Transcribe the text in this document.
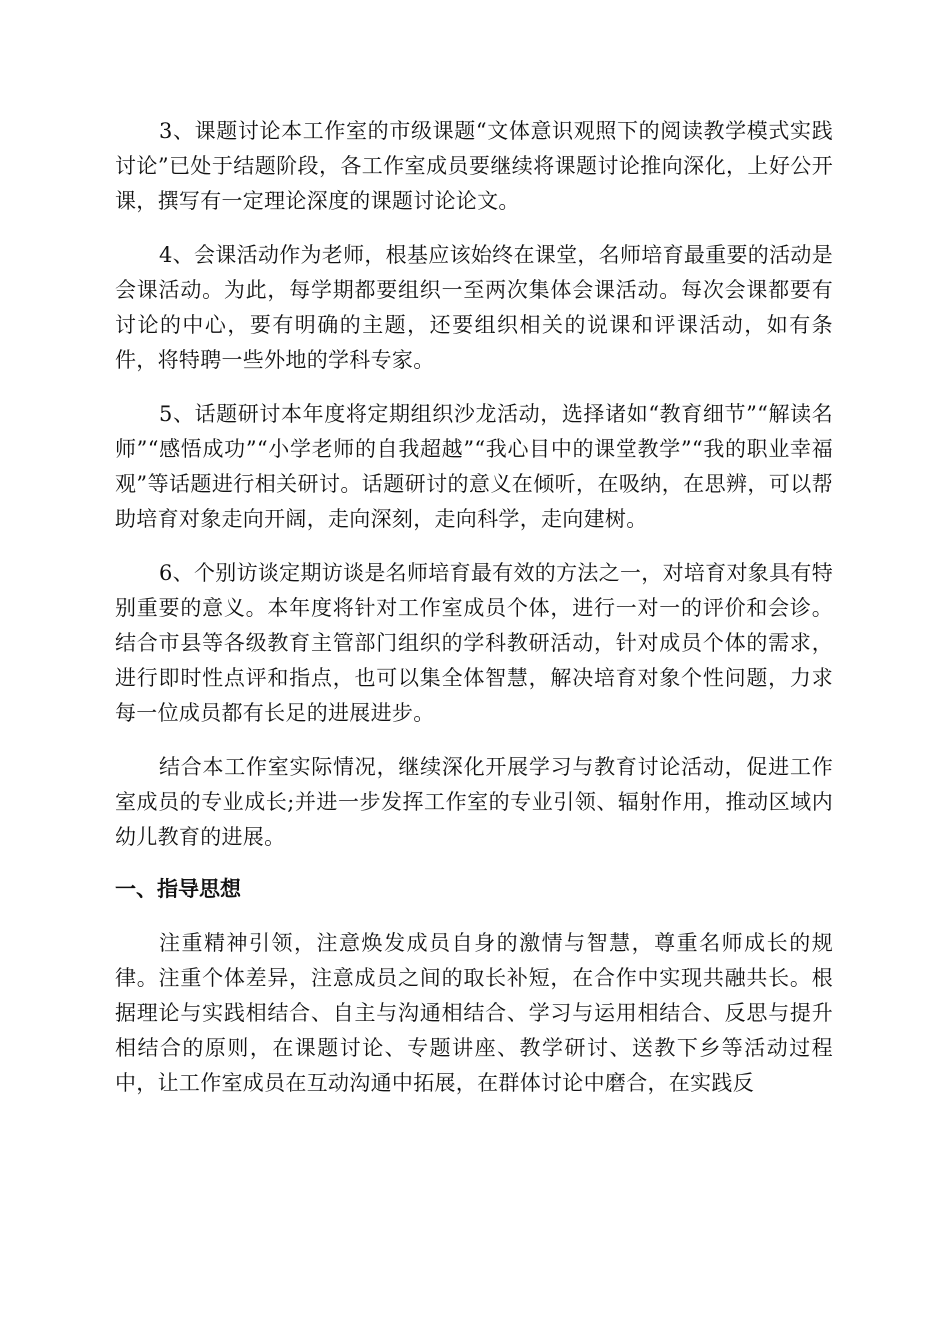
3、课题讨论本工作室的市级课题“文体意识观照下的阅读教学模式实践讨论”已处于结题阶段，各工作室成员要继续将课题讨论推向深化，上好公开课，撰写有一定理论深度的课题讨论论文。

4、会课活动作为老师，根基应该始终在课堂，名师培育最重要的活动是会课活动。为此，每学期都要组织一至两次集体会课活动。每次会课都要有讨论的中心，要有明确的主题，还要组织相关的说课和评课活动，如有条件，将特聘一些外地的学科专家。

5、话题研讨本年度将定期组织沙龙活动，选择诸如“教育细节”“解读名师”“感悟成功”“小学老师的自我超越”“我心目中的课堂教学”“我的职业幸福观”等话题进行相关研讨。话题研讨的意义在倾听，在吸纳，在思辨，可以帮助培育对象走向开阔，走向深刻，走向科学，走向建树。

6、个别访谈定期访谈是名师培育最有效的方法之一，对培育对象具有特别重要的意义。本年度将针对工作室成员个体，进行一对一的评价和会诊。结合市县等各级教育主管部门组织的学科教研活动，针对成员个体的需求，进行即时性点评和指点，也可以集全体智慧，解决培育对象个性问题，力求每一位成员都有长足的进展进步。

结合本工作室实际情况，继续深化开展学习与教育讨论活动，促进工作室成员的专业成长;并进一步发挥工作室的专业引领、辐射作用，推动区域内幼儿教育的进展。

一、指导思想

注重精神引领，注意焕发成员自身的激情与智慧，尊重名师成长的规律。注重个体差异，注意成员之间的取长补短，在合作中实现共融共长。根据理论与实践相结合、自主与沟通相结合、学习与运用相结合、反思与提升相结合的原则，在课题讨论、专题讲座、教学研讨、送教下乡等活动过程中，让工作室成员在互动沟通中拓展，在群体讨论中磨合，在实践反
